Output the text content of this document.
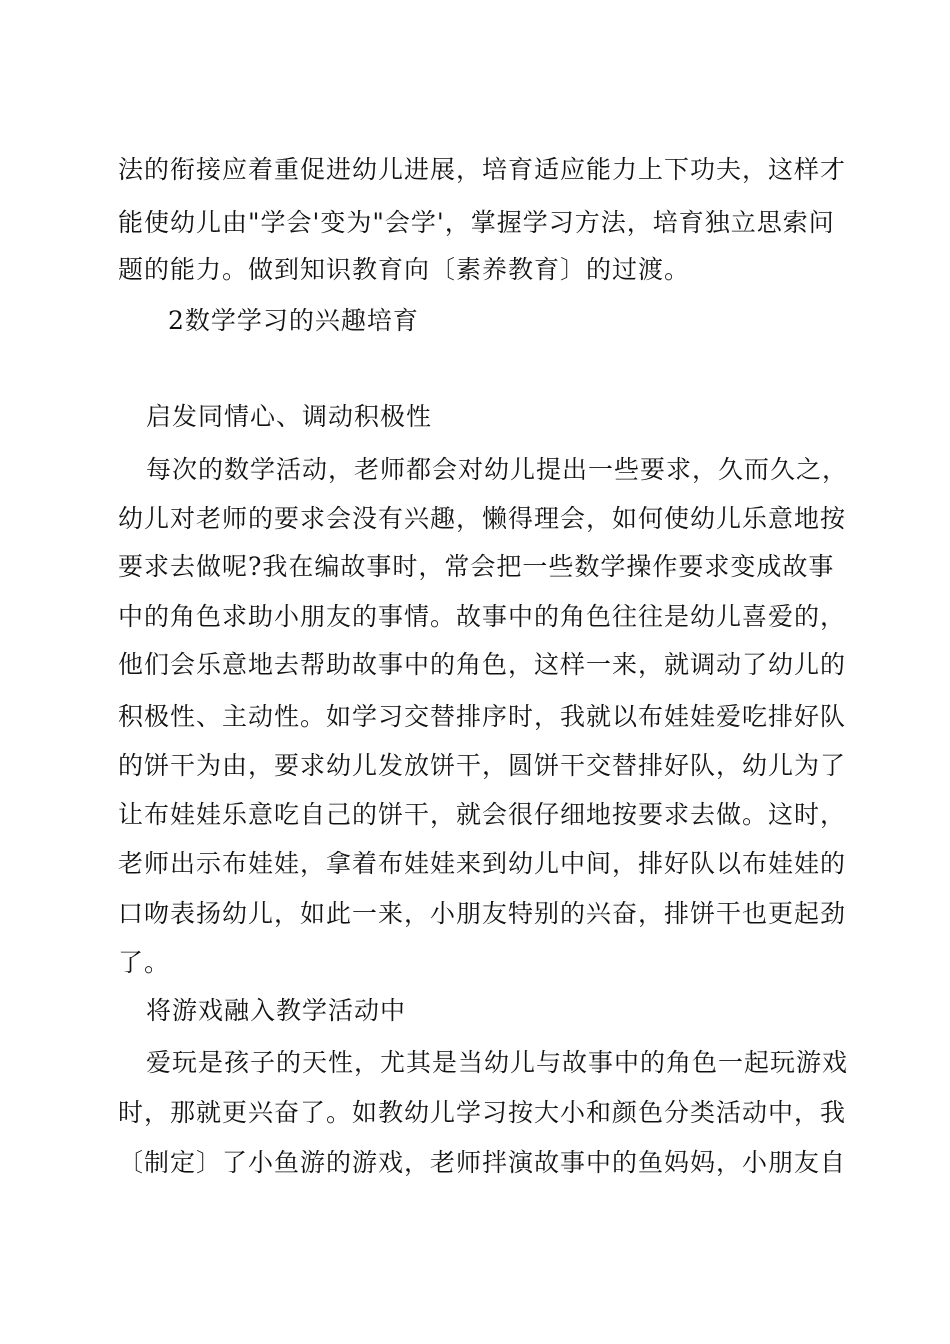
法的衔接应着重促进幼儿进展，培育适应能力上下功夫，这样才
能使幼儿由"学会'变为"会学'，掌握学习方法，培育独立思索问
题的能力。做到知识教育向〔素养教育〕的过渡。
2数学学习的兴趣培育
启发同情心、调动积极性
每次的数学活动，老师都会对幼儿提出一些要求，久而久之，
幼儿对老师的要求会没有兴趣，懒得理会，如何使幼儿乐意地按
要求去做呢?我在编故事时，常会把一些数学操作要求变成故事
中的角色求助小朋友的事情。故事中的角色往往是幼儿喜爱的，
他们会乐意地去帮助故事中的角色，这样一来，就调动了幼儿的
积极性、主动性。如学习交替排序时，我就以布娃娃爱吃排好队
的饼干为由，要求幼儿发放饼干，圆饼干交替排好队，幼儿为了
让布娃娃乐意吃自己的饼干，就会很仔细地按要求去做。这时，
老师出示布娃娃，拿着布娃娃来到幼儿中间，排好队以布娃娃的
口吻表扬幼儿，如此一来，小朋友特别的兴奋，排饼干也更起劲
了。
将游戏融入教学活动中
爱玩是孩子的天性，尤其是当幼儿与故事中的角色一起玩游戏
时，那就更兴奋了。如教幼儿学习按大小和颜色分类活动中，我
〔制定〕了小鱼游的游戏，老师拌演故事中的鱼妈妈，小朋友自
